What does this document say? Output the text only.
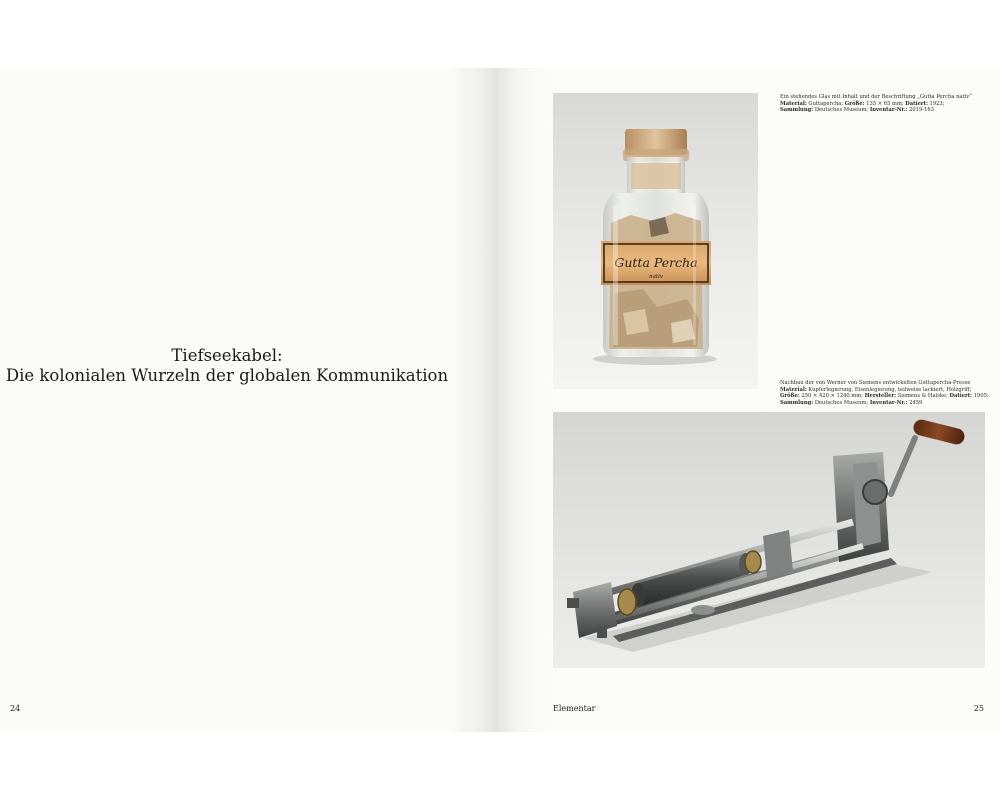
Tiefseekabel:
Die kolonialen Wurzeln der globalen Kommunikation
24
Gutta Percha
nativ
Ein stehendes Glas mit Inhalt und der Beschriftung „Gutta Percha nativ“
Material: Guttapercha; Größe: 135 × 65 mm; Datiert: 1923;
Sammlung: Deutsches Museum; Inventar-Nr.: 2019-163
Nachbau der von Werner von Siemens entwickelten Guttapercha-Presse
Material: Kupferlegierung, Eisenlegierung, teilweise lackiert, Holzgriff;
Größe: 250 × 420 × 1240 mm; Hersteller: Siemens & Halske; Datiert: 1905;
Sammlung: Deutsches Museum; Inventar-Nr.: 2459
Elementar	25
